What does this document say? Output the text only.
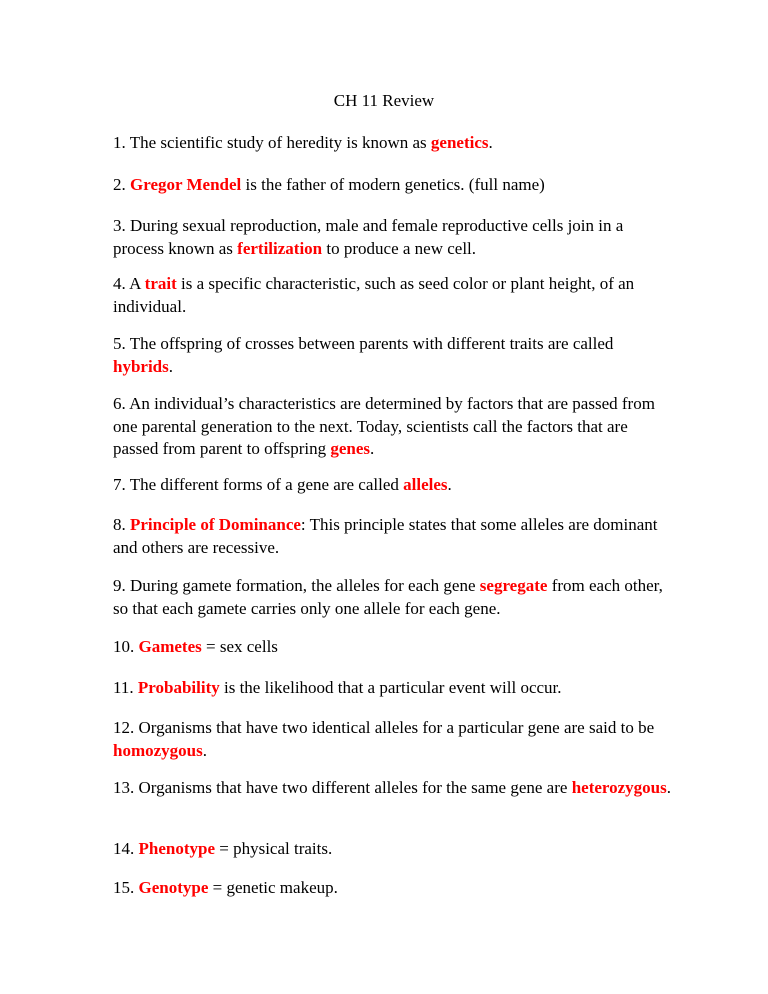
CH 11 Review

1. The scientific study of heredity is known as genetics.

2. Gregor Mendel is the father of modern genetics. (full name)

3. During sexual reproduction, male and female reproductive cells join in a process known as fertilization to produce a new cell.

4. A trait is a specific characteristic, such as seed color or plant height, of an individual.

5. The offspring of crosses between parents with different traits are called hybrids.

6. An individual’s characteristics are determined by factors that are passed from one parental generation to the next. Today, scientists call the factors that are passed from parent to offspring genes.

7. The different forms of a gene are called alleles.

8. Principle of Dominance: This principle states that some alleles are dominant and others are recessive.

9. During gamete formation, the alleles for each gene segregate from each other, so that each gamete carries only one allele for each gene.

10. Gametes = sex cells

11. Probability is the likelihood that a particular event will occur.

12. Organisms that have two identical alleles for a particular gene are said to be homozygous.

13. Organisms that have two different alleles for the same gene are heterozygous.

14. Phenotype = physical traits.

15. Genotype = genetic makeup.
